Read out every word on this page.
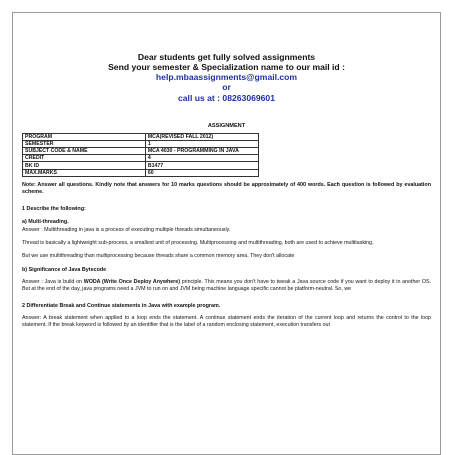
Dear students get fully solved assignments
Send your semester & Specialization name to our mail id :
help.mbaassignments@gmail.com
or
call us at : 08263069601
ASSIGNMENT
PROGRAM	MCA(REVISED FALL 2012)
SEMESTER	1
SUBJECT CODE & NAME	MCA 4030 - PROGRAMMING IN JAVA
CREDIT	4
BK ID	B1477
MAX.MARKS	60
Note: Answer all questions. Kindly note that answers for 10 marks questions should be approximately of 400 words. Each question is followed by evaluation scheme.
1 Describe the following:
a) Multi-threading.

Answer : Multithreading in java is a process of executing multiple threads simultaneously.

Thread is basically a lightweight sub-process, a smallest unit of processing. Multiprocessing and multithreading, both are used to achieve multitasking.

But we use multithreading than multiprocessing because threads share a common memory area. They don't allocate

b) Significance of Java Bytecode

Answer : Java is build on WODA (Write Once Deploy Anywhere) principle. This means you don't have to tweak a Java source code if you want to deploy it in another OS. But at the end of the day, java programs need a JVM to run on and JVM being machine language specific cannot be platform-neutral. So, we

2 Differentiate Break and Continue statements in Java with example program.

Answer: A break statement when applied to a loop ends the statement. A continue statement ends the iteration of the current loop and returns the control to the loop statement. If the break keyword is followed by an identifier that is the label of a random enclosing statement, execution transfers out
